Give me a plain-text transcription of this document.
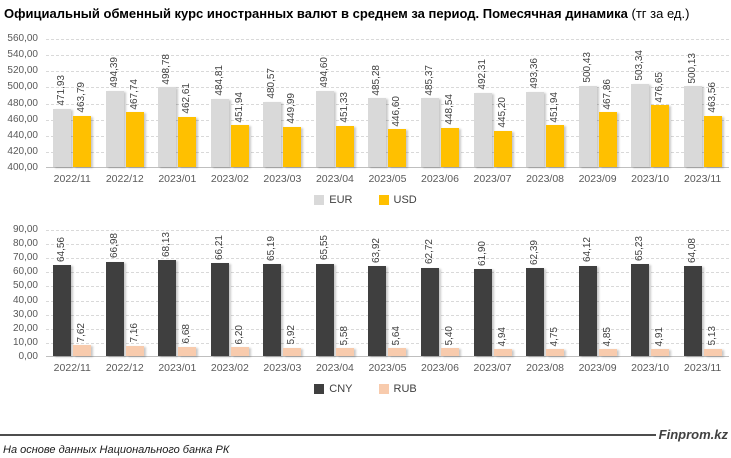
Официальный обменный курс иностранных валют в среднем за период. Помесячная динамика (тг за ед.)
560,00
540,00
520,00
500,00
480,00
460,00
440,00
420,00
400,00
471,93 463,79
494,39
467,74
498,78
462,61
484,81
451,94
480,57
449,99
494,60
451,33
485,28
446,60
485,37
448,54
492,31
445,20
493,36
451,94
500,43
467,86
503,34
476,65
500,13
463,56
2022/11	2022/12	2023/01	2023/02	2023/03	2023/04	2023/05	2023/06	2023/07	2023/08	2023/09	2023/10	2023/11
EUR	USD
90,00
80,00
70,00
60,00
50,00
40,00
30,00
20,00
10,00
0,00
64,56
7,62
66,98
7,16
68,13
6,68
66,21
6,20
65,19
5,92
65,55
5,58
63,92
5,64
62,72
5,40
61,90
4,94
62,39
4,75
64,12
4,85
65,23
4,91
64,08
5,13
2022/11	2022/12	2023/01	2023/02	2023/03	2023/04	2023/05	2023/06	2023/07	2023/08	2023/09	2023/10	2023/11
CNY	RUB
Finprom.kz
На основе данных Национального банка РК
